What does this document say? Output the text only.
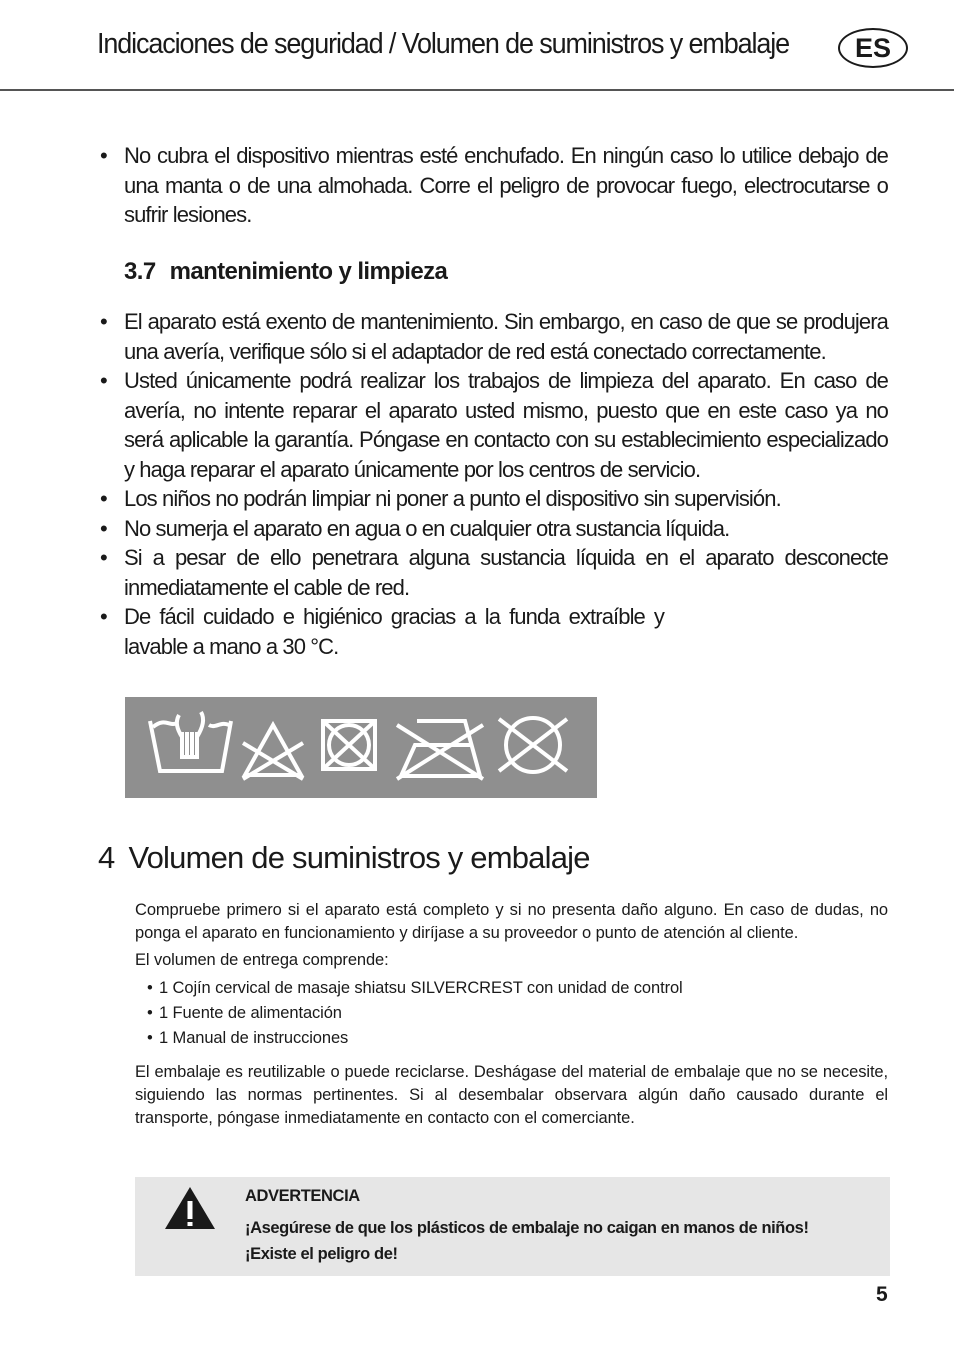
Indicaciones de seguridad / Volumen de suministros y embalaje	ES
• No cubra el dispositivo mientras esté enchufado. En ningún caso lo utilice debajo de una manta o de una almohada. Corre el peligro de provocar fuego, electrocutarse o sufrir lesiones.
3.7 mantenimiento y limpieza
• El aparato está exento de mantenimiento. Sin embargo, en caso de que se produjera una avería, verifique sólo si el adaptador de red está conectado correctamente.
• Usted únicamente podrá realizar los trabajos de limpieza del aparato. En caso de avería, no intente reparar el aparato usted mismo, puesto que en este caso ya no será aplicable la garantía. Póngase en contacto con su establecimiento especializado y haga reparar el aparato únicamente por los centros de servicio.
• Los niños no podrán limpiar ni poner a punto el dispositivo sin supervisión.
• No sumerja el aparato en agua o en cualquier otra sustancia líquida.
• Si a pesar de ello penetrara alguna sustancia líquida en el aparato desconecte inmediatamente el cable de red.
• De fácil cuidado e higiénico gracias a la funda extraíble y lavable a mano a 30 °C.
4 Volumen de suministros y embalaje

Compruebe primero si el aparato está completo y si no presenta daño alguno. En caso de dudas, no ponga el aparato en funcionamiento y diríjase a su proveedor o punto de atención al cliente.

El volumen de entrega comprende:

• 1 Cojín cervical de masaje shiatsu SILVERCREST con unidad de control
• 1 Fuente de alimentación
• 1 Manual de instrucciones

El embalaje es reutilizable o puede reciclarse. Deshágase del material de embalaje que no se necesite, siguiendo las normas pertinentes. Si al desembalar observara algún daño causado durante el transporte, póngase inmediatamente en contacto con el comerciante.

ADVERTENCIA
¡Asegúrese de que los plásticos de embalaje no caigan en manos de niños!
¡Existe el peligro de!
5
